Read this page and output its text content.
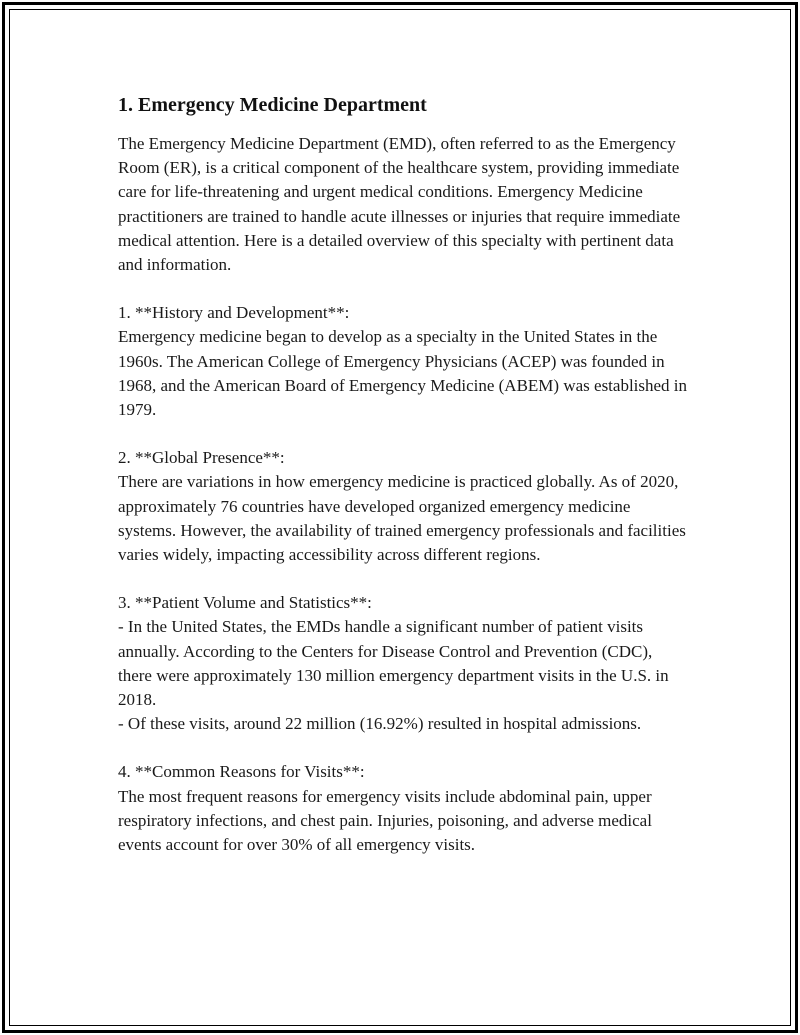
1. Emergency Medicine Department

The Emergency Medicine Department (EMD), often referred to as the Emergency Room (ER), is a critical component of the healthcare system, providing immediate care for life-threatening and urgent medical conditions. Emergency Medicine practitioners are trained to handle acute illnesses or injuries that require immediate medical attention. Here is a detailed overview of this specialty with pertinent data and information.

1. **History and Development**:

Emergency medicine began to develop as a specialty in the United States in the 1960s. The American College of Emergency Physicians (ACEP) was founded in 1968, and the American Board of Emergency Medicine (ABEM) was established in 1979.

2. **Global Presence**:

There are variations in how emergency medicine is practiced globally. As of 2020, approximately 76 countries have developed organized emergency medicine systems. However, the availability of trained emergency professionals and facilities varies widely, impacting accessibility across different regions.

3. **Patient Volume and Statistics**:

- In the United States, the EMDs handle a significant number of patient visits annually. According to the Centers for Disease Control and Prevention (CDC), there were approximately 130 million emergency department visits in the U.S. in 2018.
- Of these visits, around 22 million (16.92%) resulted in hospital admissions.

4. **Common Reasons for Visits**:

The most frequent reasons for emergency visits include abdominal pain, upper respiratory infections, and chest pain. Injuries, poisoning, and adverse medical events account for over 30% of all emergency visits.
